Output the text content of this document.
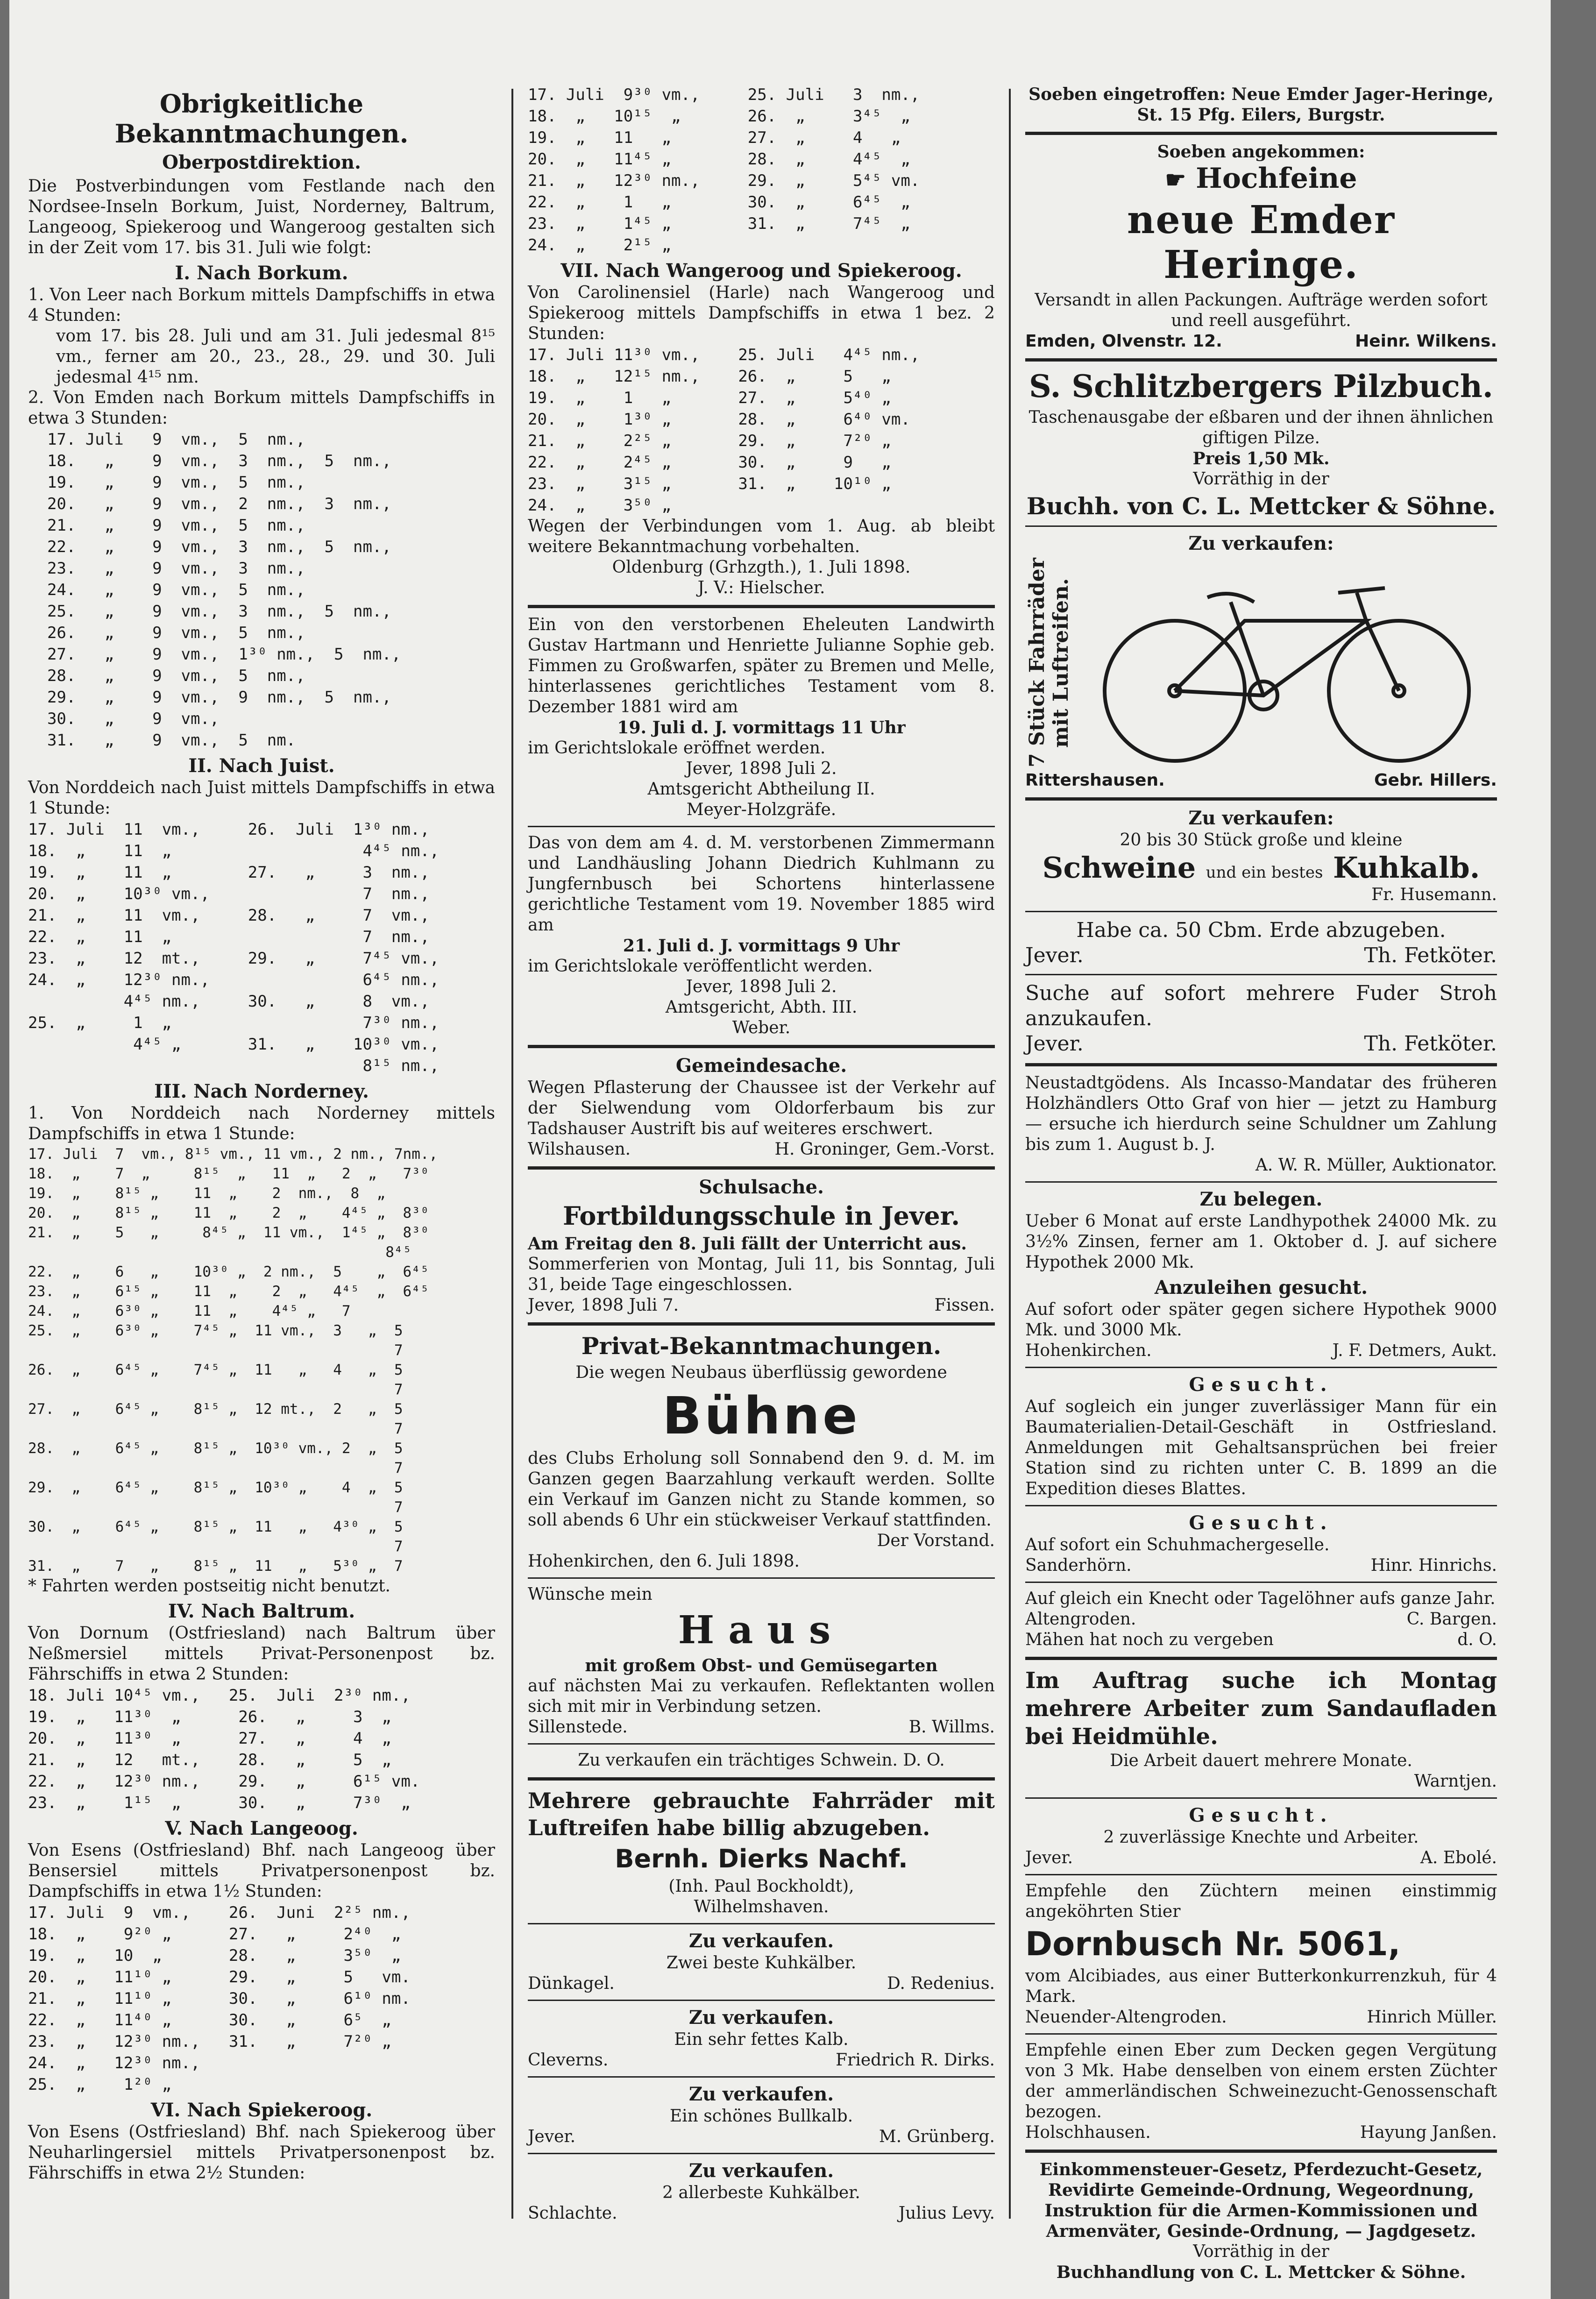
Obrigkeitliche Bekanntmachungen.
Oberpostdirektion.

Die Postverbindungen vom Festlande nach den Nordsee-Inseln Borkum, Juist, Norderney, Baltrum, Langeoog, Spiekeroog und Wangeroog gestalten sich in der Zeit vom 17. bis 31. Juli wie folgt:

I. Nach Borkum.

1. Von Leer nach Borkum mittels Dampfschiffs in etwa 4 Stunden:

vom 17. bis 28. Juli und am 31. Juli jedesmal 8¹⁵ vm., ferner am 20., 23., 28., 29. und 30. Juli jedesmal 4¹⁵ nm.

2. Von Emden nach Borkum mittels Dampfschiffs in etwa 3 Stunden:

17. Juli   9  vm.,  5  nm.,
18.   „    9  vm.,  3  nm.,  5  nm.,
19.   „    9  vm.,  5  nm.,
20.   „    9  vm.,  2  nm.,  3  nm.,
21.   „    9  vm.,  5  nm.,
22.   „    9  vm.,  3  nm.,  5  nm.,
23.   „    9  vm.,  3  nm.,
24.   „    9  vm.,  5  nm.,
25.   „    9  vm.,  3  nm.,  5  nm.,
26.   „    9  vm.,  5  nm.,
27.   „    9  vm.,  1³⁰ nm.,  5  nm.,
28.   „    9  vm.,  5  nm.,
29.   „    9  vm.,  9  nm.,  5  nm.,
30.   „    9  vm.,
31.   „    9  vm.,  5  nm.
II. Nach Juist.

Von Norddeich nach Juist mittels Dampfschiffs in etwa 1 Stunde:

17. Juli  11  vm.,     26.  Juli  1³⁰ nm.,
18.  „    11  „                    4⁴⁵ nm.,
19.  „    11  „        27.   „     3  nm.,
20.  „    10³⁰ vm.,                7  nm.,
21.  „    11  vm.,     28.   „     7  vm.,
22.  „    11  „                    7  nm.,
23.  „    12  mt.,     29.   „     7⁴⁵ vm.,
24.  „    12³⁰ nm.,                6⁴⁵ nm.,
4⁴⁵ nm.,     30.   „     8  vm.,
25.  „     1  „                    7³⁰ nm.,
4⁴⁵ „       31.   „    10³⁰ vm.,
8¹⁵ nm.,
III. Nach Norderney.

1. Von Norddeich nach Norderney mittels Dampfschiffs in etwa 1 Stunde:

17. Juli  7  vm., 8¹⁵ vm., 11 vm., 2 nm., 7nm.,
18.  „    7  „     8¹⁵  „   11  „   2  „   7³⁰
19.  „    8¹⁵ „    11  „    2  nm.,  8  „
20.  „    8¹⁵ „    11  „    2  „    4⁴⁵ „  8³⁰
21.  „    5   „     8⁴⁵ „  11 vm.,  1⁴⁵ „  8³⁰
8⁴⁵
22.  „    6   „    10³⁰ „  2 nm.,  5    „  6⁴⁵
23.  „    6¹⁵ „    11  „    2  „   4⁴⁵  „  6⁴⁵
24.  „    6³⁰ „    11  „    4⁴⁵ „   7
25.  „    6³⁰ „    7⁴⁵ „  11 vm.,  3   „  5
7
26.  „    6⁴⁵ „    7⁴⁵ „  11   „   4   „  5
7
27.  „    6⁴⁵ „    8¹⁵ „  12 mt.,  2   „  5
7
28.  „    6⁴⁵ „    8¹⁵ „  10³⁰ vm., 2  „  5
7
29.  „    6⁴⁵ „    8¹⁵ „  10³⁰ „    4  „  5
7
30.  „    6⁴⁵ „    8¹⁵ „  11   „   4³⁰ „  5
7
31.  „    7   „    8¹⁵ „  11   „   5³⁰ „  7

* Fahrten werden postseitig nicht benutzt.

IV. Nach Baltrum.

Von Dornum (Ostfriesland) nach Baltrum über Neßmersiel mittels Privat-Personenpost bz. Fährschiffs in etwa 2 Stunden:

18. Juli 10⁴⁵ vm.,   25.  Juli  2³⁰ nm.,
19.  „   11³⁰  „      26.   „     3  „
20.  „   11³⁰  „      27.   „     4  „
21.  „   12   mt.,    28.   „     5  „
22.  „   12³⁰ nm.,    29.   „     6¹⁵ vm.
23.  „    1¹⁵  „      30.   „     7³⁰  „
V. Nach Langeoog.

Von Esens (Ostfriesland) Bhf. nach Langeoog über Bensersiel mittels Privatpersonenpost bz. Dampfschiffs in etwa 1½ Stunden:

17. Juli  9  vm.,    26.  Juni  2²⁵ nm.,
18.  „    9²⁰ „      27.   „     2⁴⁰  „
19.  „   10  „       28.   „     3⁵⁰  „
20.  „   11¹⁰ „      29.   „     5   vm.
21.  „   11¹⁰ „      30.   „     6¹⁰ nm.
22.  „   11⁴⁰ „      30.   „     6⁵  „
23.  „   12³⁰ nm.,   31.   „     7²⁰ „
24.  „   12³⁰ nm.,
25.  „    1²⁰ „
VI. Nach Spiekeroog.

Von Esens (Ostfriesland) Bhf. nach Spiekeroog über Neuharlingersiel mittels Privatpersonenpost bz. Fährschiffs in etwa 2½ Stunden:

17. Juli  9³⁰ vm.,     25. Juli   3  nm.,
18.  „   10¹⁵  „       26.  „     3⁴⁵  „
19.  „   11   „        27.  „     4   „
20.  „   11⁴⁵ „        28.  „     4⁴⁵  „
21.  „   12³⁰ nm.,     29.  „     5⁴⁵ vm.
22.  „    1   „        30.  „     6⁴⁵  „
23.  „    1⁴⁵ „        31.  „     7⁴⁵  „
24.  „    2¹⁵ „
VII. Nach Wangeroog und Spiekeroog.

Von Carolinensiel (Harle) nach Wangeroog und Spiekeroog mittels Dampfschiffs in etwa 1 bez. 2 Stunden:

17. Juli 11³⁰ vm.,    25. Juli   4⁴⁵ nm.,
18.  „   12¹⁵ nm.,    26.  „     5   „
19.  „    1   „       27.  „     5⁴⁰ „
20.  „    1³⁰ „       28.  „     6⁴⁰ vm.
21.  „    2²⁵ „       29.  „     7²⁰ „
22.  „    2⁴⁵ „       30.  „     9   „
23.  „    3¹⁵ „       31.  „    10¹⁰ „
24.  „    3⁵⁰ „

Wegen der Verbindungen vom 1. Aug. ab bleibt weitere Bekanntmachung vorbehalten.

Oldenburg (Grhzgth.), 1. Juli 1898.

J. V.: Hielscher.

Ein von den verstorbenen Eheleuten Landwirth Gustav Hartmann und Henriette Julianne Sophie geb. Fimmen zu Großwarfen, später zu Bremen und Melle, hinterlassenes gerichtliches Testament vom 8. Dezember 1881 wird am

19. Juli d. J. vormittags 11 Uhr

im Gerichtslokale eröffnet werden.

Jever, 1898 Juli 2.

Amtsgericht Abtheilung II.

Meyer-Holzgräfe.

Das von dem am 4. d. M. verstorbenen Zimmermann und Landhäusling Johann Diedrich Kuhlmann zu Jungfernbusch bei Schortens hinterlassene gerichtliche Testament vom 19. November 1885 wird am

21. Juli d. J. vormittags 9 Uhr

im Gerichtslokale veröffentlicht werden.

Jever, 1898 Juli 2.

Amtsgericht, Abth. III.

Weber.

Gemeindesache.

Wegen Pflasterung der Chaussee ist der Verkehr auf der Sielwendung vom Oldorferbaum bis zur Tadshauser Austrift bis auf weiteres erschwert.

Wilshausen.	H. Groninger, Gem.-Vorst.
Schulsache.
Fortbildungsschule in Jever.

Am Freitag den 8. Juli fällt der Unterricht aus.

Sommerferien von Montag, Juli 11, bis Sonntag, Juli 31, beide Tage eingeschlossen.

Jever, 1898 Juli 7.	Fissen.
Privat-Bekanntmachungen.

Die wegen Neubaus überflüssig gewordene

Bühne

des Clubs Erholung soll Sonnabend den 9. d. M. im Ganzen gegen Baarzahlung verkauft werden. Sollte ein Verkauf im Ganzen nicht zu Stande kommen, so soll abends 6 Uhr ein stückweiser Verkauf stattfinden.

Der Vorstand.

Hohenkirchen, den 6. Juli 1898.

Wünsche mein

Haus

mit großem Obst- und Gemüsegarten

auf nächsten Mai zu verkaufen. Reflektanten wollen sich mit mir in Verbindung setzen.

Sillenstede.	B. Willms.

Zu verkaufen ein trächtiges Schwein. D. O.

Mehrere gebrauchte Fahrräder mit Luftreifen habe billig abzugeben.

Bernh. Dierks Nachf.

(Inh. Paul Bockholdt),

Wilhelmshaven.

Zu verkaufen.

Zwei beste Kuhkälber.

Dünkagel.	D. Redenius.
Zu verkaufen.

Ein sehr fettes Kalb.

Cleverns.	Friedrich R. Dirks.
Zu verkaufen.

Ein schönes Bullkalb.

Jever.	M. Grünberg.
Zu verkaufen.

2 allerbeste Kuhkälber.

Schlachte.	Julius Levy.

Soeben eingetroffen: Neue Emder Jager-Heringe, St. 15 Pfg. Eilers, Burgstr.

Soeben angekommen:

☛ Hochfeine
neue Emder Heringe.

Versandt in allen Packungen. Aufträge werden sofort und reell ausgeführt.

Emden, Olvenstr. 12.	Heinr. Wilkens.
S. Schlitzbergers Pilzbuch.

Taschenausgabe der eßbaren und der ihnen ähnlichen giftigen Pilze.

Preis 1,50 Mk.

Vorräthig in der

Buchh. von C. L. Mettcker & Söhne.
Zu verkaufen:
7 Stück Fahrräder mit Luftreifen.
Rittershausen.	Gebr. Hillers.
Zu verkaufen:

20 bis 30 Stück große und kleine

Schweine und ein bestes Kuhkalb.

Fr. Husemann.

Habe ca. 50 Cbm. Erde abzugeben.

Jever.	Th. Fetköter.

Suche auf sofort mehrere Fuder Stroh anzukaufen.

Jever.	Th. Fetköter.

Neustadtgödens. Als Incasso-Mandatar des früheren Holzhändlers Otto Graf von hier — jetzt zu Hamburg — ersuche ich hierdurch seine Schuldner um Zahlung bis zum 1. August b. J.

A. W. R. Müller, Auktionator.

Zu belegen.

Ueber 6 Monat auf erste Landhypothek 24000 Mk. zu 3½% Zinsen, ferner am 1. Oktober d. J. auf sichere Hypothek 2000 Mk.

Anzuleihen gesucht.

Auf sofort oder später gegen sichere Hypothek 9000 Mk. und 3000 Mk.

Hohenkirchen.	J. F. Detmers, Aukt.
Gesucht.

Auf sogleich ein junger zuverlässiger Mann für ein Baumaterialien-Detail-Geschäft in Ostfriesland. Anmeldungen mit Gehaltsansprüchen bei freier Station sind zu richten unter C. B. 1899 an die Expedition dieses Blattes.

Gesucht.

Auf sofort ein Schuhmachergeselle.

Sanderhörn.	Hinr. Hinrichs.

Auf gleich ein Knecht oder Tagelöhner aufs ganze Jahr.

Altengroden.	C. Bargen.
Mähen hat noch zu vergeben	d. O.

Im Auftrag suche ich Montag mehrere Arbeiter zum Sandaufladen bei Heidmühle.

Die Arbeit dauert mehrere Monate.

Warntjen.

Gesucht.

2 zuverlässige Knechte und Arbeiter.

Jever.	A. Ebolé.

Empfehle den Züchtern meinen einstimmig angeköhrten Stier

Dornbusch Nr. 5061,

vom Alcibiades, aus einer Butterkonkurrenzkuh, für 4 Mark.

Neuender-Altengroden.	Hinrich Müller.

Empfehle einen Eber zum Decken gegen Vergütung von 3 Mk. Habe denselben von einem ersten Züchter der ammerländischen Schweinezucht-Genossenschaft bezogen.

Holschhausen.	Hayung Janßen.

Einkommensteuer-Gesetz, Pferdezucht-Gesetz, Revidirte Gemeinde-Ordnung, Wegeordnung, Instruktion für die Armen-Kommissionen und Armenväter, Gesinde-Ordnung, — Jagdgesetz.

Vorräthig in der

Buchhandlung von C. L. Mettcker & Söhne.
